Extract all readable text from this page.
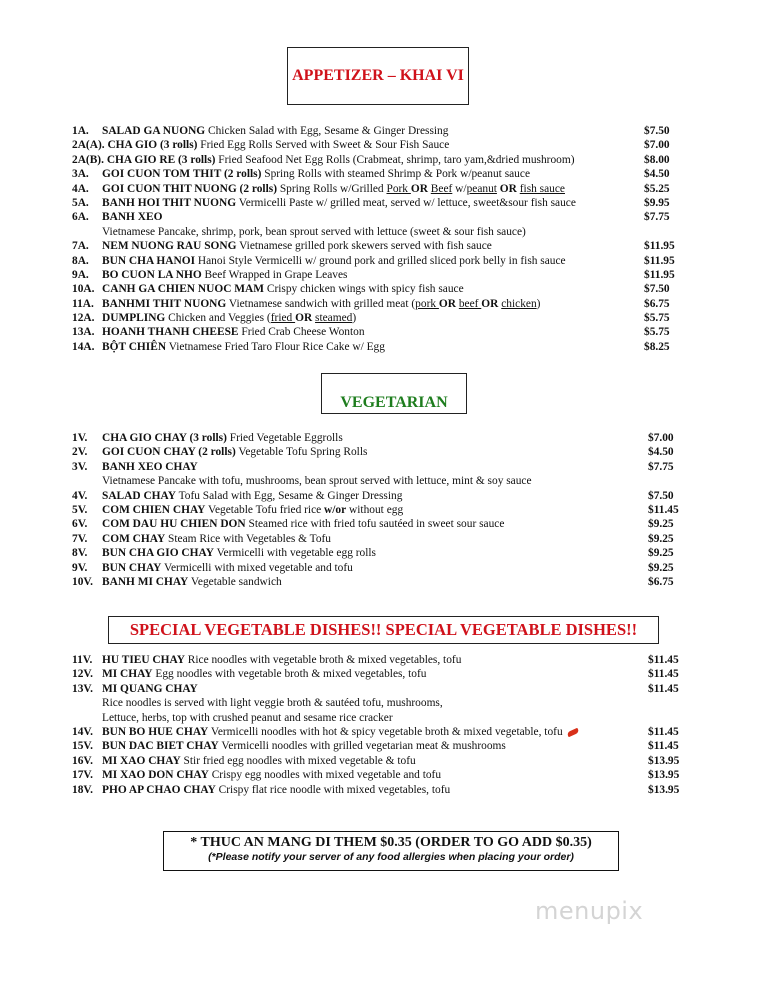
APPETIZER – KHAI VI
1A. SALAD GA NUONG Chicken Salad with Egg, Sesame & Ginger Dressing	$7.50
2A(A). CHA GIO (3 rolls) Fried Egg Rolls Served with Sweet & Sour Fish Sauce	$7.00
2A(B). CHA GIO RE (3 rolls) Fried Seafood Net Egg Rolls (Crabmeat, shrimp, taro yam,&dried mushroom)	$8.00
3A. GOI CUON TOM THIT (2 rolls) Spring Rolls with steamed Shrimp & Pork w/peanut sauce	$4.50
4A. GOI CUON THIT NUONG (2 rolls) Spring Rolls w/Grilled Pork OR Beef w/peanut OR fish sauce	$5.25
5A. BANH HOI THIT NUONG Vermicelli Paste w/ grilled meat, served w/ lettuce, sweet&sour fish sauce	$9.95
6A. BANH XEO	$7.75
Vietnamese Pancake, shrimp, pork, bean sprout served with lettuce (sweet & sour fish sauce)
7A. NEM NUONG RAU SONG Vietnamese grilled pork skewers served with fish sauce	$11.95
8A. BUN CHA HANOI Hanoi Style Vermicelli w/ ground pork and grilled sliced pork belly in fish sauce	$11.95
9A. BO CUON LA NHO Beef Wrapped in Grape Leaves	$11.95
10A. CANH GA CHIEN NUOC MAM Crispy chicken wings with spicy fish sauce	$7.50
11A. BANHMI THIT NUONG Vietnamese sandwich with grilled meat (pork OR beef OR chicken)	$6.75
12A. DUMPLING Chicken and Veggies (fried OR steamed)	$5.75
13A. HOANH THANH CHEESE Fried Crab Cheese Wonton	$5.75
14A. BỘT CHIÊN Vietnamese Fried Taro Flour Rice Cake w/ Egg	$8.25
VEGETARIAN
1V. CHA GIO CHAY (3 rolls) Fried Vegetable Eggrolls	$7.00
2V. GOI CUON CHAY (2 rolls) Vegetable Tofu Spring Rolls	$4.50
3V. BANH XEO CHAY	$7.75
Vietnamese Pancake with tofu, mushrooms, bean sprout served with lettuce, mint & soy sauce
4V. SALAD CHAY Tofu Salad with Egg, Sesame & Ginger Dressing	$7.50
5V. COM CHIEN CHAY Vegetable Tofu fried rice w/or without egg	$11.45
6V. COM DAU HU CHIEN DON Steamed rice with fried tofu sautéed in sweet sour sauce	$9.25
7V. COM CHAY Steam Rice with Vegetables & Tofu	$9.25
8V. BUN CHA GIO CHAY Vermicelli with vegetable egg rolls	$9.25
9V. BUN CHAY Vermicelli with mixed vegetable and tofu	$9.25
10V. BANH MI CHAY Vegetable sandwich	$6.75
SPECIAL VEGETABLE DISHES!! SPECIAL VEGETABLE DISHES!!
11V. HU TIEU CHAY Rice noodles with vegetable broth & mixed vegetables, tofu	$11.45
12V. MI CHAY Egg noodles with vegetable broth & mixed vegetables, tofu	$11.45
13V. MI QUANG CHAY	$11.45
Rice noodles is served with light veggie broth & sautéed tofu, mushrooms,
Lettuce, herbs, top with crushed peanut and sesame rice cracker
14V. BUN BO HUE CHAY Vermicelli noodles with hot & spicy vegetable broth & mixed vegetable, tofu	$11.45
15V. BUN DAC BIET CHAY Vermicelli noodles with grilled vegetarian meat & mushrooms	$11.45
16V. MI XAO CHAY Stir fried egg noodles with mixed vegetable & tofu	$13.95
17V. MI XAO DON CHAY Crispy egg noodles with mixed vegetable and tofu	$13.95
18V. PHO AP CHAO CHAY Crispy flat rice noodle with mixed vegetables, tofu	$13.95
* THUC AN MANG DI THEM $0.35 (ORDER TO GO ADD $0.35)
(*Please notify your server of any food allergies when placing your order)
menupix
